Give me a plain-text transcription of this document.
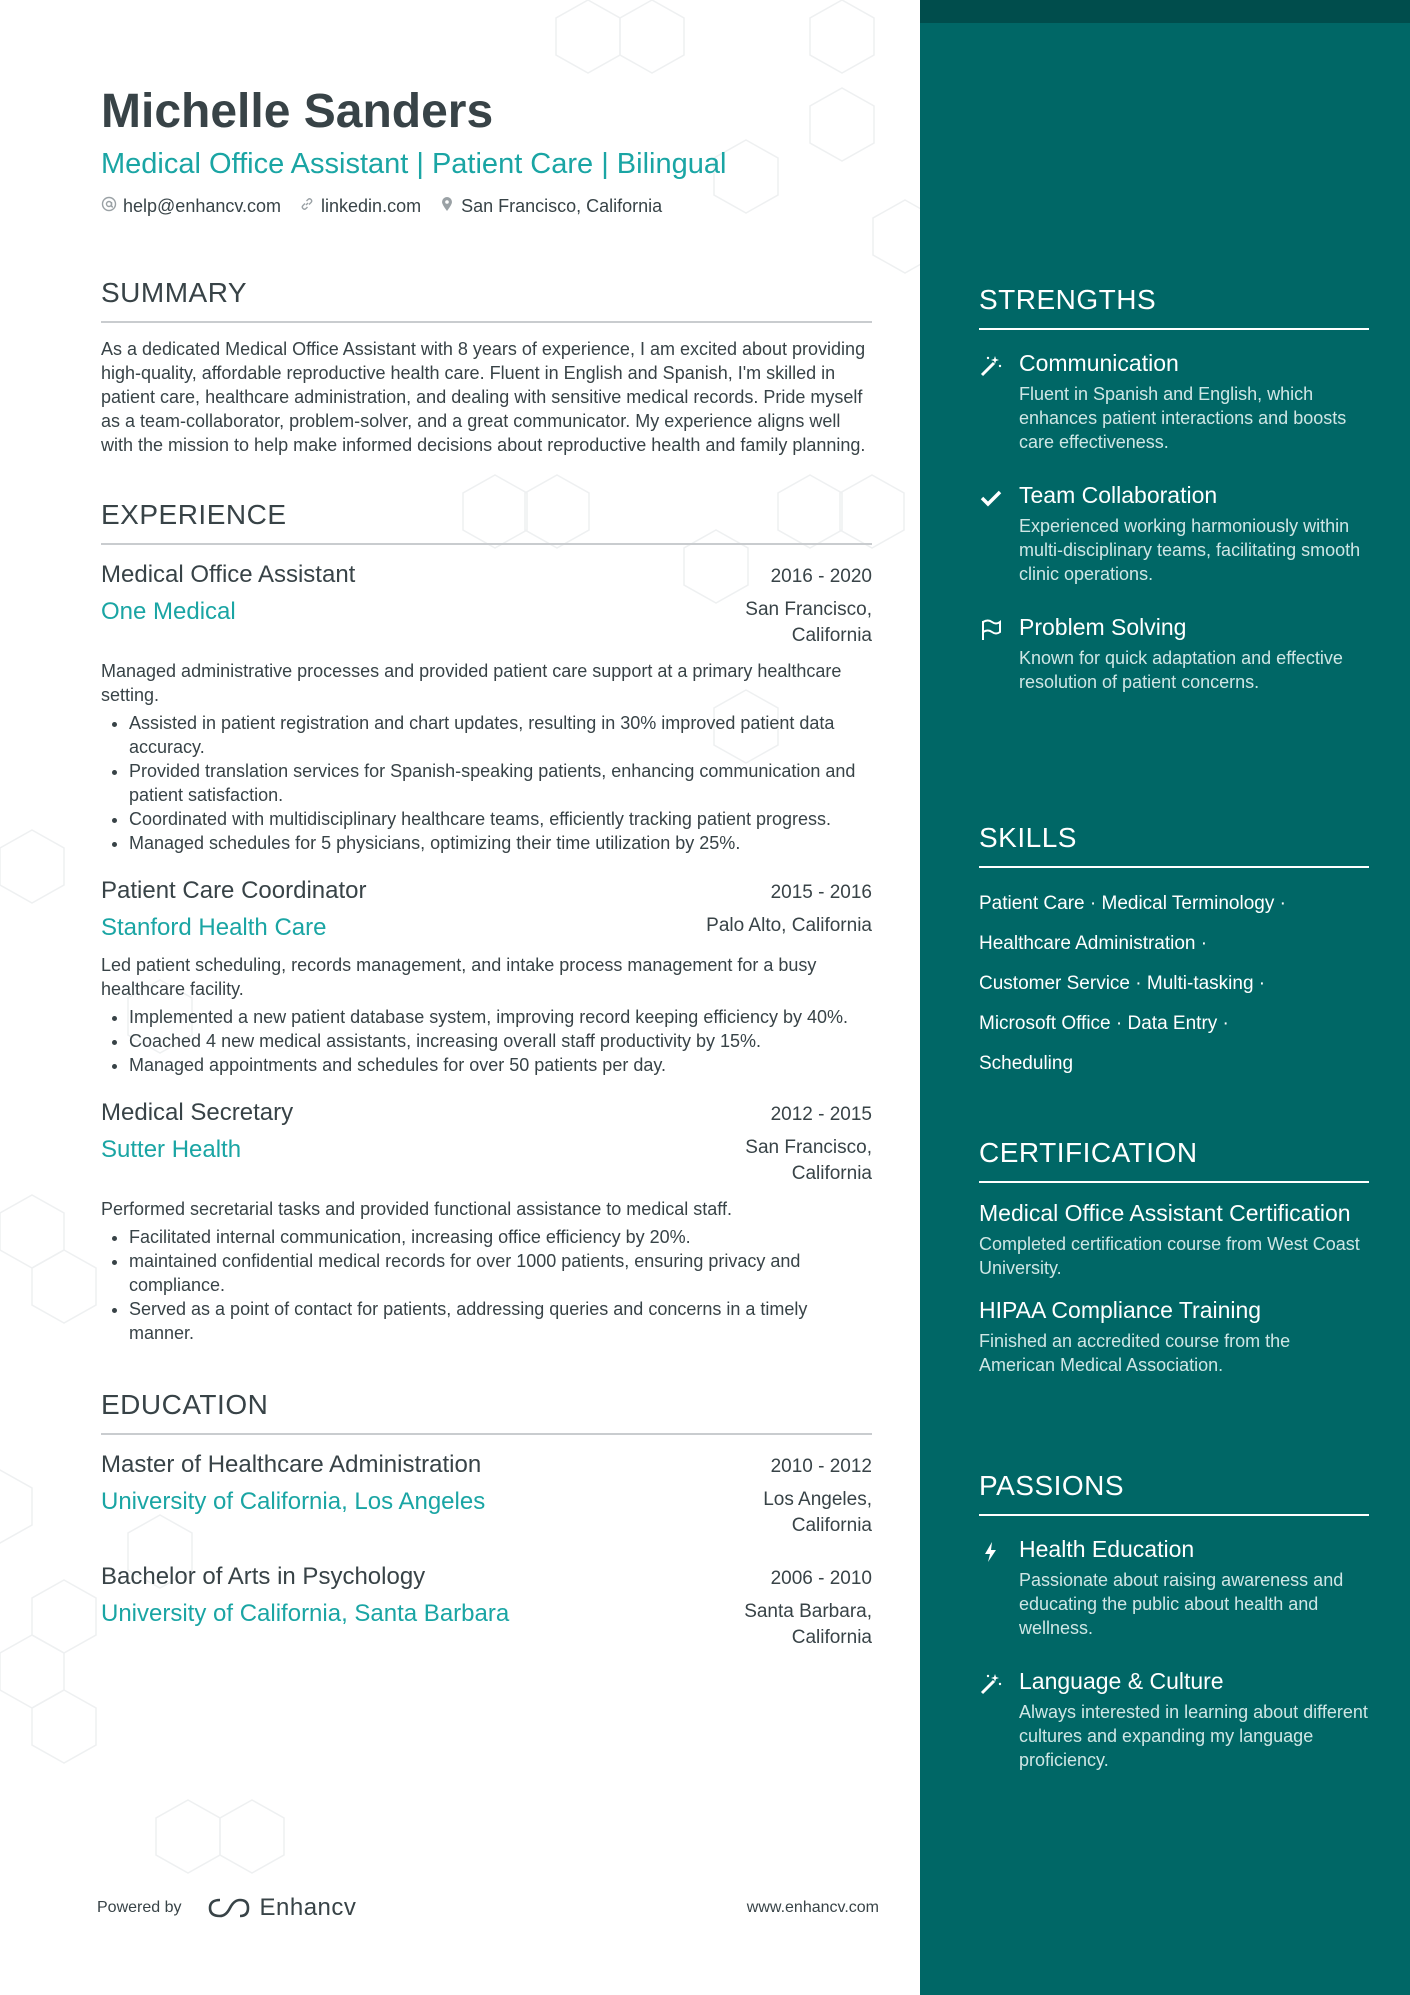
Michelle Sanders
Medical Office Assistant | Patient Care | Bilingual
help@enhancv.com linkedin.com San Francisco, California
SUMMARY
As a dedicated Medical Office Assistant with 8 years of experience, I am excited about providing high-quality, affordable reproductive health care. Fluent in English and Spanish, I'm skilled in patient care, healthcare administration, and dealing with sensitive medical records. Pride myself as a team-collaborator, problem-solver, and a great communicator. My experience aligns well with the mission to help make informed decisions about reproductive health and family planning.
EXPERIENCE
Medical Office Assistant	2016 - 2020
One Medical	San Francisco, California
Managed administrative processes and provided patient care support at a primary healthcare setting.
• Assisted in patient registration and chart updates, resulting in 30% improved patient data accuracy.
• Provided translation services for Spanish-speaking patients, enhancing communication and patient satisfaction.
• Coordinated with multidisciplinary healthcare teams, efficiently tracking patient progress.
• Managed schedules for 5 physicians, optimizing their time utilization by 25%.
Patient Care Coordinator	2015 - 2016
Stanford Health Care	Palo Alto, California
Led patient scheduling, records management, and intake process management for a busy healthcare facility.
• Implemented a new patient database system, improving record keeping efficiency by 40%.
• Coached 4 new medical assistants, increasing overall staff productivity by 15%.
• Managed appointments and schedules for over 50 patients per day.
Medical Secretary	2012 - 2015
Sutter Health	San Francisco, California
Performed secretarial tasks and provided functional assistance to medical staff.
• Facilitated internal communication, increasing office efficiency by 20%.
• maintained confidential medical records for over 1000 patients, ensuring privacy and compliance.
• Served as a point of contact for patients, addressing queries and concerns in a timely manner.
EDUCATION
Master of Healthcare Administration	2010 - 2012
University of California, Los Angeles	Los Angeles, California
Bachelor of Arts in Psychology	2006 - 2010
University of California, Santa Barbara	Santa Barbara, California
Powered by	Enhancv	www.enhancv.com
STRENGTHS
Communication
Fluent in Spanish and English, which enhances patient interactions and boosts care effectiveness.
Team Collaboration
Experienced working harmoniously within multi-disciplinary teams, facilitating smooth clinic operations.
Problem Solving
Known for quick adaptation and effective resolution of patient concerns.
SKILLS
Patient Care · Medical Terminology ·
Healthcare Administration ·
Customer Service · Multi-tasking ·
Microsoft Office · Data Entry ·
Scheduling
CERTIFICATION
Medical Office Assistant Certification
Completed certification course from West Coast University.
HIPAA Compliance Training
Finished an accredited course from the American Medical Association.
PASSIONS
Health Education
Passionate about raising awareness and educating the public about health and wellness.
Language & Culture
Always interested in learning about different cultures and expanding my language proficiency.
